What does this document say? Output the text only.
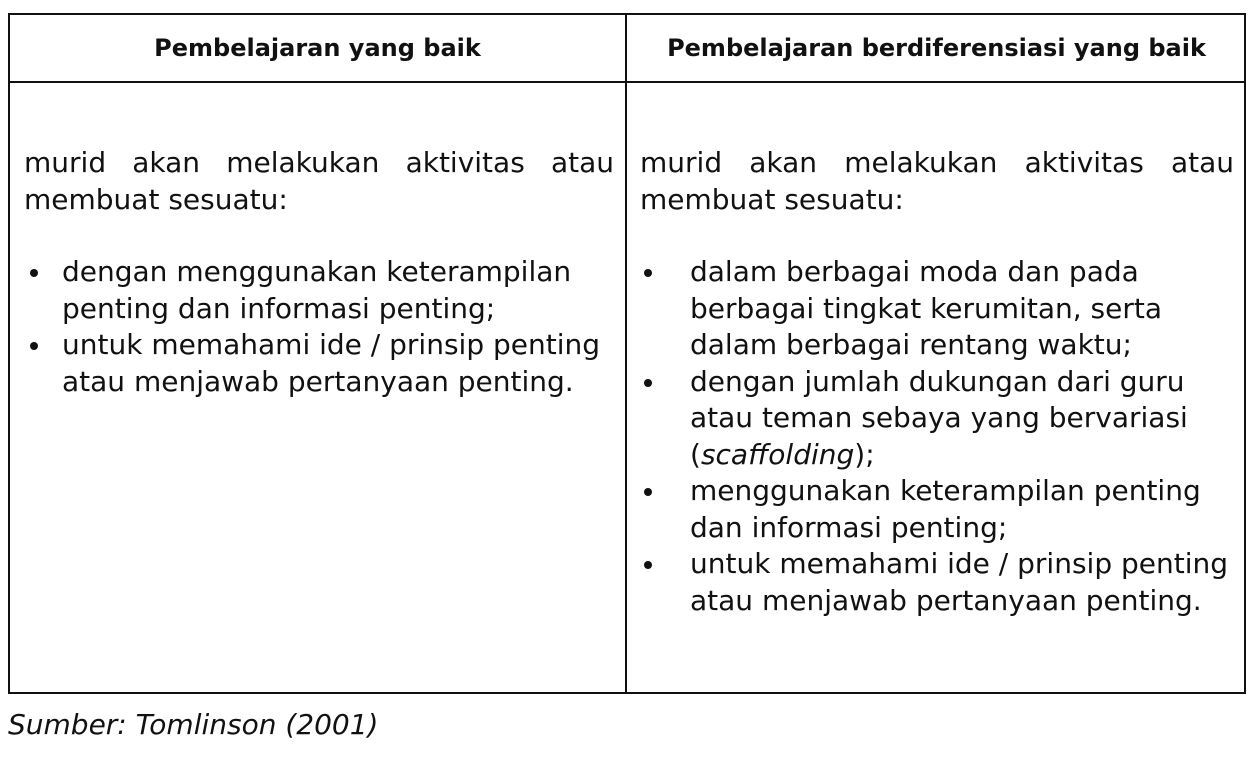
Pembelajaran yang baik	Pembelajaran berdiferensiasi yang baik
murid akan melakukan aktivitas atau membuat sesuatu:
dengan menggunakan keterampilan penting dan informasi penting;
untuk memahami ide / prinsip penting atau menjawab pertanyaan penting.
murid akan melakukan aktivitas atau membuat sesuatu:
dalam berbagai moda dan pada berbagai tingkat kerumitan, serta dalam berbagai rentang waktu;
dengan jumlah dukungan dari guru atau teman sebaya yang bervariasi (scaffolding);
menggunakan keterampilan penting dan informasi penting;
untuk memahami ide / prinsip penting atau menjawab pertanyaan penting.
Sumber: Tomlinson (2001)
